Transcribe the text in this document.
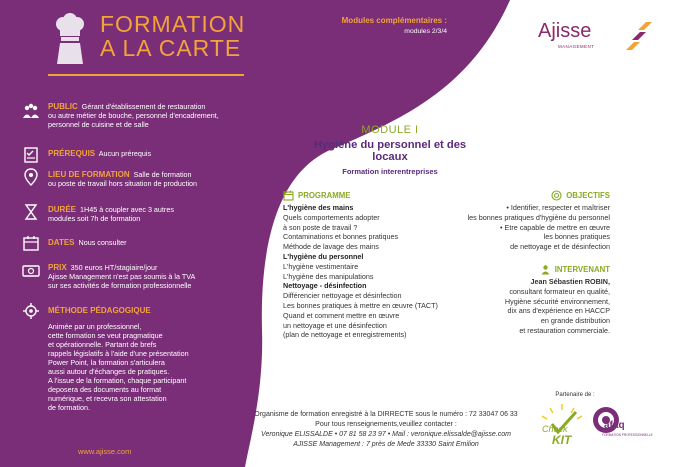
FORMATION
A LA CARTE
PUBLIC Gérant d'établissement de restauration
ou autre métier de bouche, personnel d'encadrement,
personnel de cuisine et de salle
PRÉREQUIS Aucun prérequis
LIEU DE FORMATION Salle de formation
ou poste de travail hors situation de production
DURÉE 1H45 à coupler avec 3 autres
modules soit 7h de formation
DATES Nous consulter
PRIX 350 euros HT/stagiaire/jour
Ajisse Management n'est pas soumis à la TVA
sur ses activités de formation professionnelle
MÉTHODE PÉDAGOGIQUE
Animée par un professionnel,
cette formation se veut pragmatique
et opérationnelle. Partant de brefs
rappels législatifs à l'aide d'une présentation
Power Point, la formation s'articulera
aussi autour d'échanges de pratiques.
A l'issue de la formation, chaque participant
deposera des documents au format
numérique, et recevra son attestation
de formation.
www.ajisse.com
Modules complémentaires :
modules 2/3/4	Ajisse
MANAGEMENT
MODULE I
Hygiène du personnel et des locaux
Formation interentreprises
PROGRAMME
L'hygiène des mains
Quels comportements adopter
à son poste de travail ?
Contaminations et bonnes pratiques
Méthode de lavage des mains
L'hygiène du personnel
L'hygiène vestimentaire
L'hygiène des manipulations
Nettoyage - désinfection
Différencier nettoyage et désinfection
Les bonnes pratiques à mettre en œuvre (TACT)
Quand et comment mettre en œuvre
un nettoyage et une désinfection
(plan de nettoyage et enregistrements)
OBJECTIFS
• Identifier, respecter et maîtriser
les bonnes pratiques d'hygiène du personnel
• Etre capable de mettre en œuvre
les bonnes pratiques
de nettoyage et de désinfection
INTERVENANT
Jean Sébastien ROBIN,
consultant formateur en qualité,
Hygiène sécurité environnement,
dix ans d'expérience en HACCP
en grande distribution
et restauration commerciale.
Organisme de formation enregistré à la DIRRECTE sous le numéro : 72 33047 06 33
Pour tous renseignements,veuillez contacter :
Veronique ELISSALDE • 07 81 58 23 97 • Mail : veronique.elissalde@ajisse.com
AJISSE Management : 7 près de Mede 33330 Saint Emilion
Partenaire de :
Check
KIT
afaq
FORMATION PROFESSIONNELLE
